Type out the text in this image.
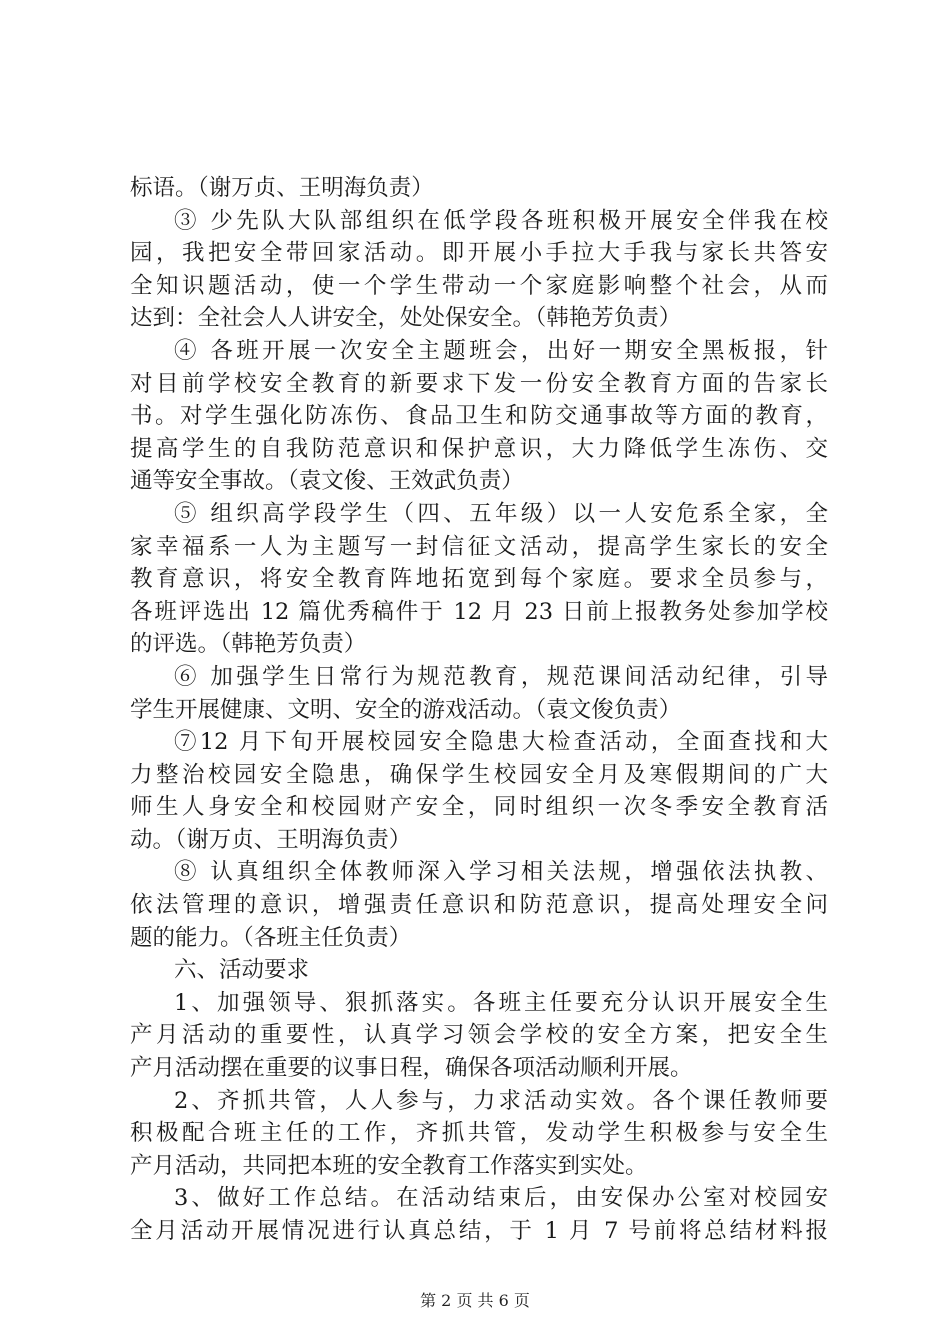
标语。（谢万贞、王明海负责）
③ 少先队大队部组织在低学段各班积极开展安全伴我在校
园，我把安全带回家活动。即开展小手拉大手我与家长共答安
全知识题活动，使一个学生带动一个家庭影响整个社会，从而
达到：全社会人人讲安全，处处保安全。（韩艳芳负责）
④ 各班开展一次安全主题班会，出好一期安全黑板报，针
对目前学校安全教育的新要求下发一份安全教育方面的告家长
书。对学生强化防冻伤、食品卫生和防交通事故等方面的教育，
提高学生的自我防范意识和保护意识，大力降低学生冻伤、交
通等安全事故。（袁文俊、王效武负责）
⑤ 组织高学段学生（四、五年级）以一人安危系全家，全
家幸福系一人为主题写一封信征文活动，提高学生家长的安全
教育意识，将安全教育阵地拓宽到每个家庭。要求全员参与，
各班评选出 12 篇优秀稿件于 12 月 23 日前上报教务处参加学校
的评选。（韩艳芳负责）
⑥ 加强学生日常行为规范教育，规范课间活动纪律，引导
学生开展健康、文明、安全的游戏活动。（袁文俊负责）
⑦12 月下旬开展校园安全隐患大检查活动，全面查找和大
力整治校园安全隐患，确保学生校园安全月及寒假期间的广大
师生人身安全和校园财产安全，同时组织一次冬季安全教育活
动。（谢万贞、王明海负责）
⑧ 认真组织全体教师深入学习相关法规，增强依法执教、
依法管理的意识，增强责任意识和防范意识，提高处理安全问
题的能力。（各班主任负责）
六、活动要求
1、加强领导、狠抓落实。各班主任要充分认识开展安全生
产月活动的重要性，认真学习领会学校的安全方案，把安全生
产月活动摆在重要的议事日程，确保各项活动顺利开展。
2、齐抓共管，人人参与，力求活动实效。各个课任教师要
积极配合班主任的工作，齐抓共管，发动学生积极参与安全生
产月活动，共同把本班的安全教育工作落实到实处。
3、做好工作总结。在活动结束后，由安保办公室对校园安
全月活动开展情况进行认真总结，于 1 月 7 号前将总结材料报
第 2 页 共 6 页
